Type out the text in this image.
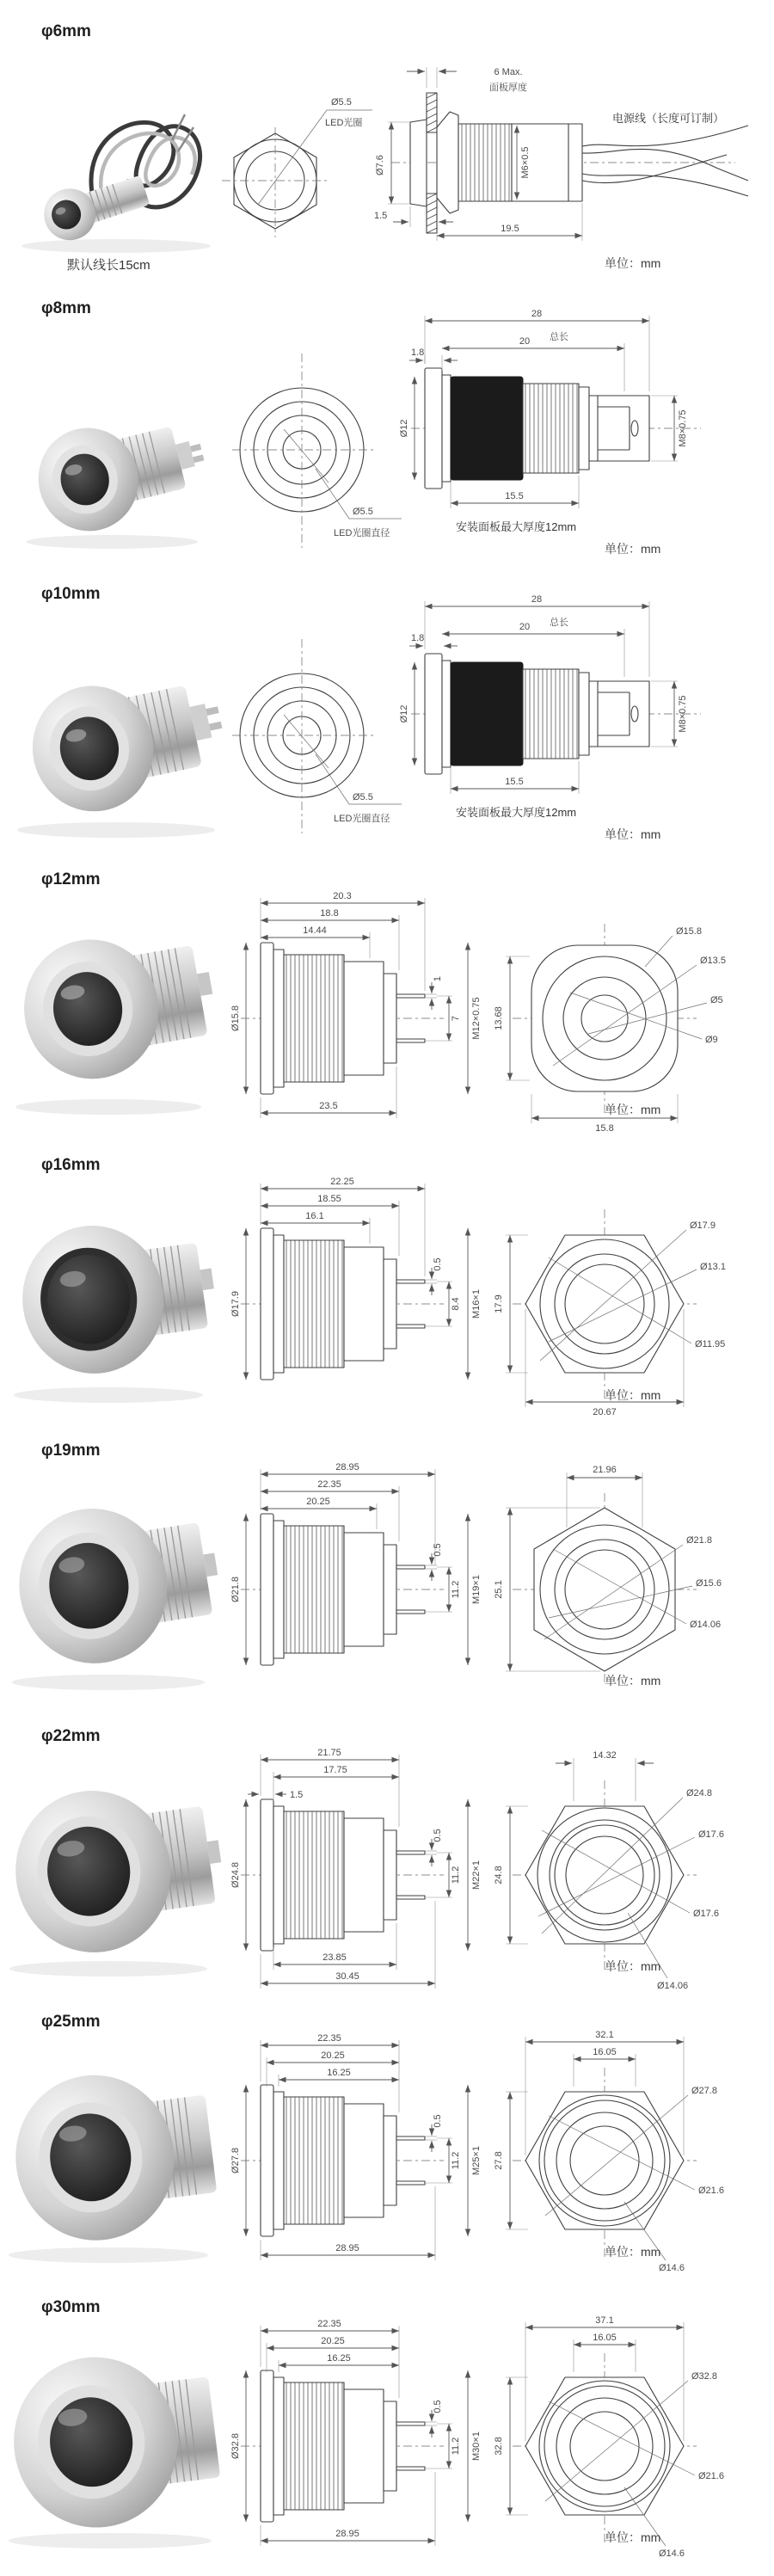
φ6mm
默认线长15cm
Ø5.5
LED光圈
6 Max.
面板厚度
电源线（长度可订制）
Ø7.6	M6×0.5
1.5
19.5
单位：mm
φ8mm
Ø5.5
LED光圈直径
28
总长
20
1.8
Ø12	M8×0.75
15.5
安装面板最大厚度12mm
单位：mm
φ10mm
Ø5.5
LED光圈直径
28
总长
20
1.8
Ø12	M8×0.75
15.5
安装面板最大厚度12mm
单位：mm
φ12mm
20.3
18.8
14.44
Ø15.8
1
7 M12×0.75
23.5
Ø15.8
Ø13.5
Ø5
Ø9
13.68
15.8
单位：mm
φ16mm
22.25
18.55
16.1
Ø17.9
0.5
8.4 M16×1
Ø17.9
Ø13.1
Ø11.95
17.9
20.67
单位：mm
φ19mm
28.95
22.35
20.25
Ø21.8
0.5
11.2 M19×1
Ø21.8
Ø15.6
Ø14.06
21.96
25.1
单位：mm
φ22mm
21.75
17.75
1.5
Ø24.8
0.5
11.2 M22×1
23.85
30.45
Ø24.8
Ø17.6
Ø17.6
Ø14.06
14.32
24.8
单位：mm
φ25mm
22.35
20.25
16.25
Ø27.8
0.5
11.2 M25×1
28.95
Ø27.8
Ø21.6
Ø14.6
32.1
16.05
27.8
单位：mm
φ30mm
22.35
20.25
16.25
Ø32.8
0.5
11.2 M30×1
28.95
Ø32.8
Ø21.6
Ø14.6
37.1
16.05
32.8
单位：mm
